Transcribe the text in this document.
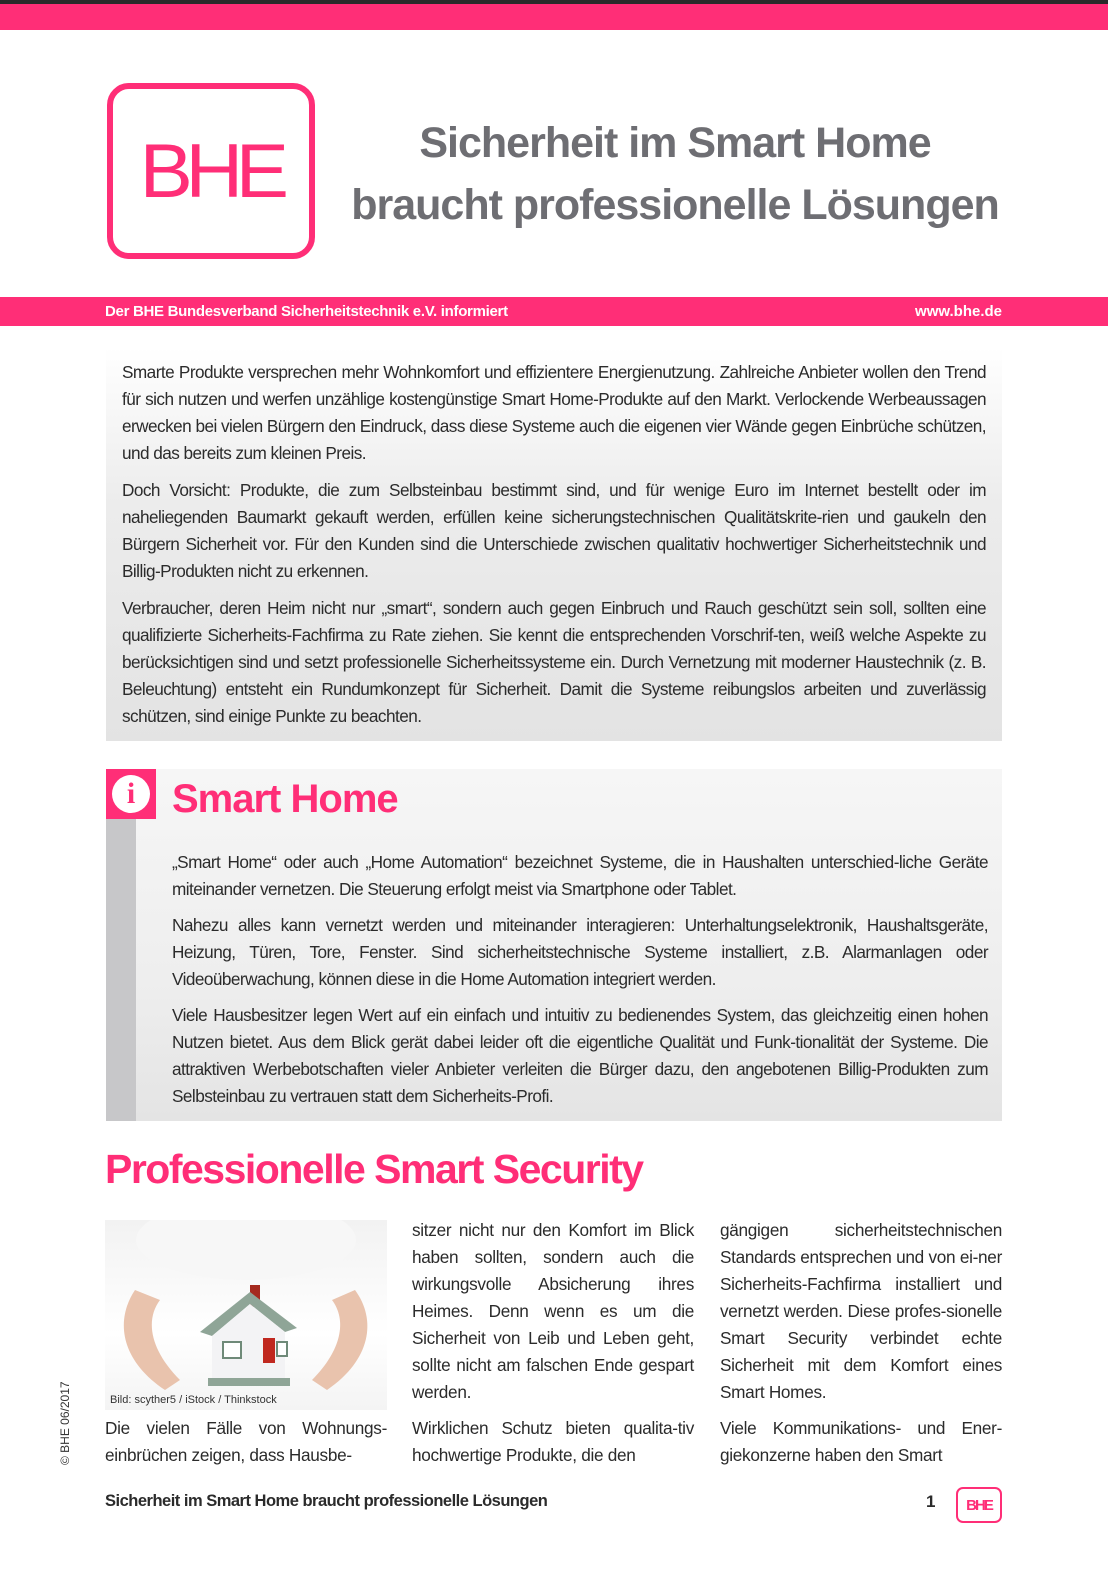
BHE	Sicherheit im Smart Home
braucht professionelle Lösungen
Der BHE Bundesverband Sicherheitstechnik e.V. informiert	www.bhe.de

Smarte Produkte versprechen mehr Wohnkomfort und effizientere Energienutzung. Zahlreiche Anbieter wollen den Trend für sich nutzen und werfen unzählige kostengünstige Smart Home-Produkte auf den Markt. Verlockende Werbeaussagen erwecken bei vielen Bürgern den Eindruck, dass diese Systeme auch die eigenen vier Wände gegen Einbrüche schützen, und das bereits zum kleinen Preis.

Doch Vorsicht: Produkte, die zum Selbsteinbau bestimmt sind, und für wenige Euro im Internet bestellt oder im naheliegenden Baumarkt gekauft werden, erfüllen keine sicherungstechnischen Qualitätskrite-rien und gaukeln den Bürgern Sicherheit vor. Für den Kunden sind die Unterschiede zwischen qualitativ hochwertiger Sicherheitstechnik und Billig-Produkten nicht zu erkennen.

Verbraucher, deren Heim nicht nur „smart“, sondern auch gegen Einbruch und Rauch geschützt sein soll, sollten eine qualifizierte Sicherheits-Fachfirma zu Rate ziehen. Sie kennt die entsprechenden Vorschrif-ten, weiß welche Aspekte zu berücksichtigen sind und setzt professionelle Sicherheitssysteme ein. Durch Vernetzung mit moderner Haustechnik (z. B. Beleuchtung) entsteht ein Rundumkonzept für Sicherheit. Damit die Systeme reibungslos arbeiten und zuverlässig schützen, sind einige Punkte zu beachten.

i Smart Home

„Smart Home“ oder auch „Home Automation“ bezeichnet Systeme, die in Haushalten unterschied-liche Geräte miteinander vernetzen. Die Steuerung erfolgt meist via Smartphone oder Tablet.

Nahezu alles kann vernetzt werden und miteinander interagieren: Unterhaltungselektronik, Haushaltsgeräte, Heizung, Türen, Tore, Fenster. Sind sicherheitstechnische Systeme installiert, z.B. Alarmanlagen oder Videoüberwachung, können diese in die Home Automation integriert werden.

Viele Hausbesitzer legen Wert auf ein einfach und intuitiv zu bedienendes System, das gleichzeitig einen hohen Nutzen bietet. Aus dem Blick gerät dabei leider oft die eigentliche Qualität und Funk-tionalität der Systeme. Die attraktiven Werbebotschaften vieler Anbieter verleiten die Bürger dazu, den angebotenen Billig-Produkten zum Selbsteinbau zu vertrauen statt dem Sicherheits-Profi.

Professionelle Smart Security
Bild: scyther5 / iStock / Thinkstock
© BHE 06/2017 Die vielen Fälle von Wohnungs-einbrüchen zeigen, dass Hausbe-

sitzer nicht nur den Komfort im Blick haben sollten, sondern auch die wirkungsvolle Absicherung ihres Heimes. Denn wenn es um die Sicherheit von Leib und Leben geht, sollte nicht am falschen Ende gespart werden.

Wirklichen Schutz bieten qualita-tiv hochwertige Produkte, die den

gängigen sicherheitstechnischen Standards entsprechen und von ei-ner Sicherheits-Fachfirma installiert und vernetzt werden. Diese profes-sionelle Smart Security verbindet echte Sicherheit mit dem Komfort eines Smart Homes.

Viele Kommunikations- und Ener-giekonzerne haben den Smart

Sicherheit im Smart Home braucht professionelle Lösungen	1 BHE
